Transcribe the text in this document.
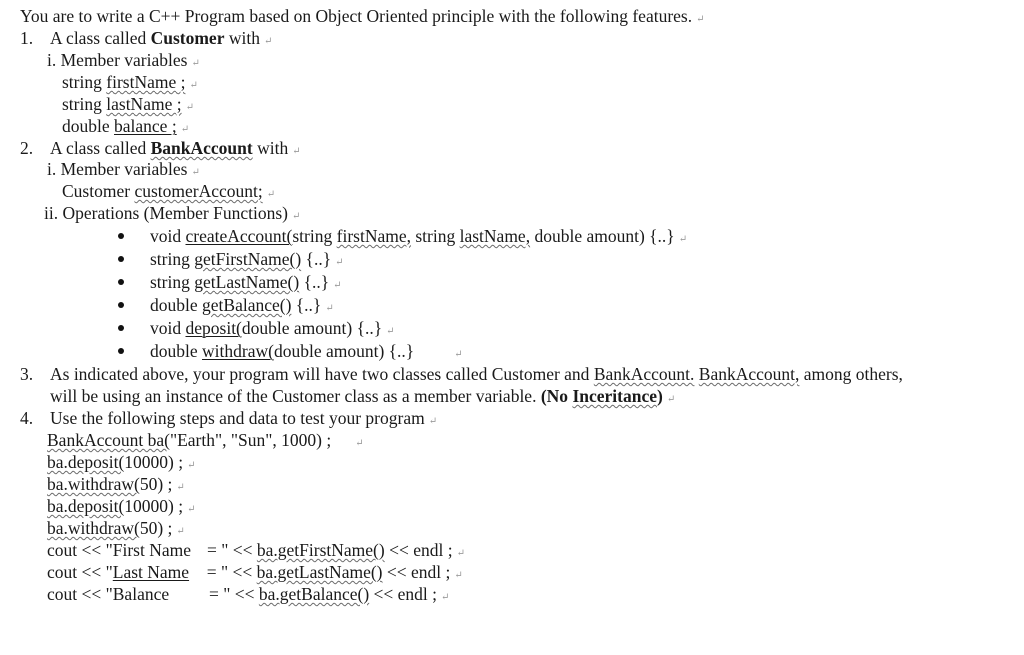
You are to write a C++ Program based on Object Oriented principle with the following features. ↵
1. A class called Customer with ↵
i. Member variables ↵
string firstName ; ↵
string lastName ; ↵
double balance ; ↵
2. A class called BankAccount with ↵
i. Member variables ↵
Customer customerAccount; ↵
ii. Operations (Member Functions) ↵
void createAccount(string firstName, string lastName, double amount) {..} ↵
string getFirstName() {..} ↵
string getLastName() {..} ↵
double getBalance() {..} ↵
void deposit(double amount) {..} ↵
double withdraw(double amount) {..}	↵
3. As indicated above, your program will have two classes called Customer and BankAccount. BankAccount, among others,
will be using an instance of the Customer class as a member variable. (No Inceritance) ↵
4. Use the following steps and data to test your program ↵
BankAccount ba("Earth", "Sun", 1000) ; ↵
ba.deposit(10000) ; ↵
ba.withdraw(50) ; ↵
ba.deposit(10000) ; ↵
ba.withdraw(50) ; ↵
cout << "First Name = " << ba.getFirstName() << endl ; ↵
cout << "Last Name = " << ba.getLastName() << endl ; ↵
cout << "Balance = " << ba.getBalance() << endl ; ↵
